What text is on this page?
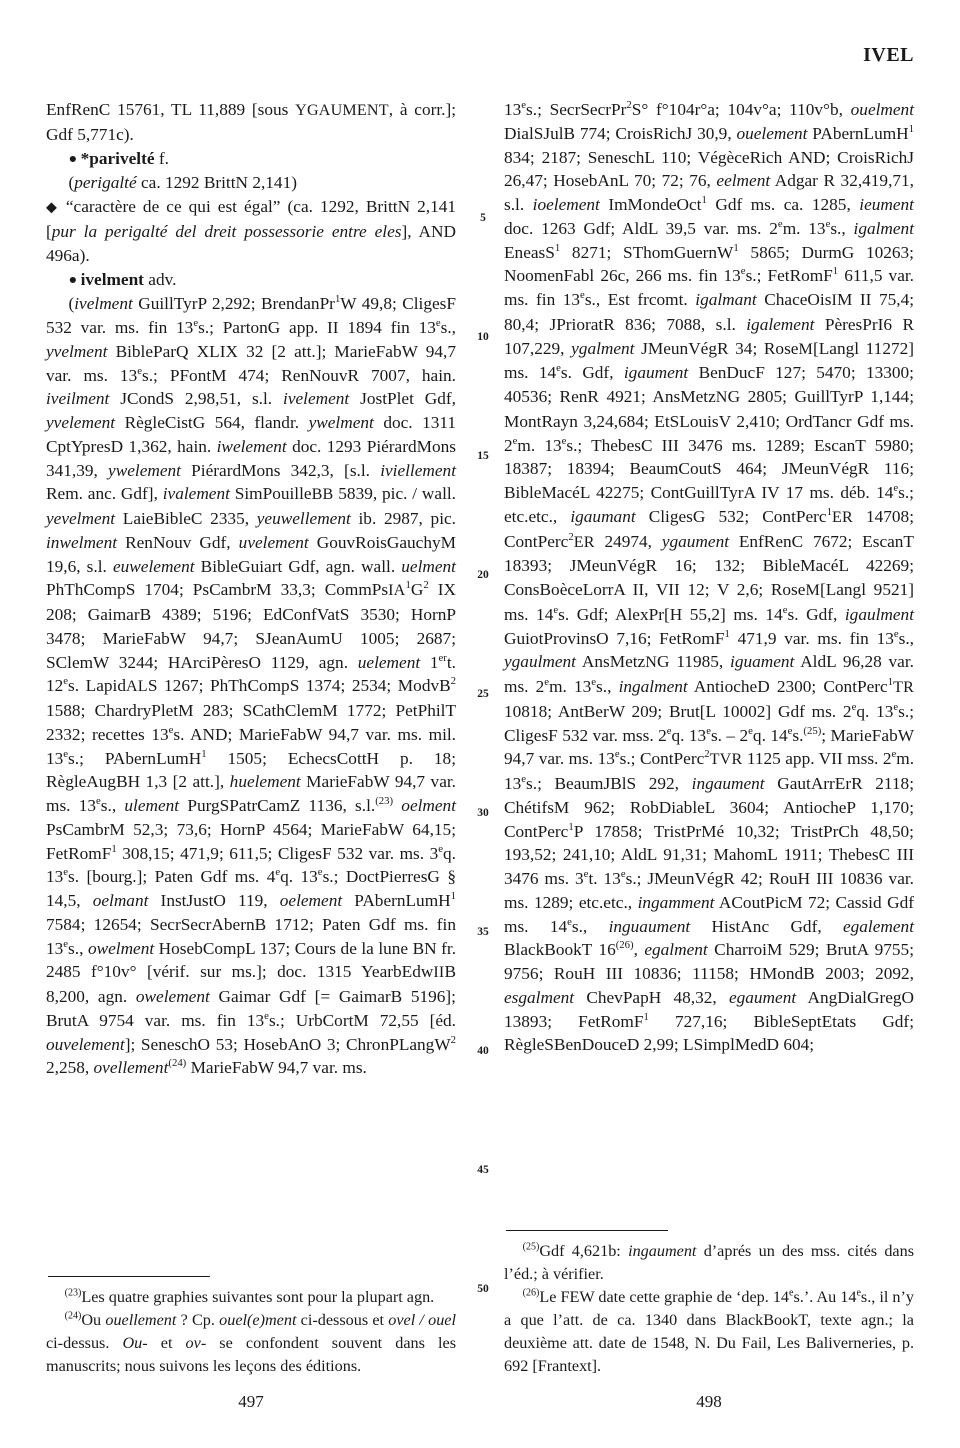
IVEL
5
10
15
20
25
30
35
40
45
50

EnfRenC 15761, TL 11,889 [sous YGAUMENT, à corr.]; Gdf 5,771c).

● *parivelté f.

(perigalté ca. 1292 BrittN 2,141)

◆ “caractère de ce qui est égal” (ca. 1292, BrittN 2,141 [pur la perigalté del dreit possessorie entre eles], AND 496a).

● ivelment adv.

(ivelment GuillTyrP 2,292; BrendanPr$^1$W 49,8; CligesF 532 var. ms. fin 13es.; PartonG app. II 1894 fin 13es., yvelment BibleParQ XLIX 32 [2 att.]; MarieFabW 94,7 var. ms. 13es.; PFontM 474; RenNouvR 7007, hain. iveilment JCondS 2,98,51, s.l. ivelement JostPlet Gdf, yvelement RègleCistG 564, flandr. ywelment doc. 1311 CptYpresD 1,362, hain. iwelement doc. 1293 PiérardMons 341,39, ywelement PiérardMons 342,3, [s.l. iviellement Rem. anc. Gdf], ivalement SimPouilleBB 5839, pic. / wall. yevelment LaieBibleC 2335, yeuwellement ib. 2987, pic. inwelment RenNouv Gdf, uvelement GouvRoisGauchyM 19,6, s.l. euwelement BibleGuiart Gdf, agn. wall. uelment PhThCompS 1704; PsCambrM 33,3; $CommPsIA^1G^2$ IX 208; GaimarB 4389; 5196; EdConfVatS 3530; HornP 3478; MarieFabW 94,7; SJeanAumU 1005; 2687; SClemW 3244; HArciPèresO 1129, agn. uelement 1ert. 12es. LapidALS 1267; PhThCompS 1374; 2534; ModvB$^2$ 1588; ChardryPletM 283; SCathClemM 1772; PetPhilT 2332; recettes 13es. AND; MarieFabW 94,7 var. ms. mil. 13es.; PAbernLumH$^1$ 1505; EchecsCottH p. 18; RègleAugBH 1,3 [2 att.], huelement MarieFabW 94,7 var. ms. 13es., ulement PurgSPatrCamZ 1136, s.l.$^{(23)}$ oelment PsCambrM 52,3; 73,6; HornP 4564; MarieFabW 64,15; FetRomF$^1$ 308,15; 471,9; 611,5; CligesF 532 var. ms. 3eq. 13es. [bourg.]; Paten Gdf ms. 4eq. 13es.; DoctPierresG § 14,5, oelmant InstJustO 119, oelement PAbernLumH$^1$ 7584; 12654; SecrSecrAbernB 1712; Paten Gdf ms. fin 13es., owelment HosebCompL 137; Cours de la lune BN fr. 2485 f°10v° [vérif. sur ms.]; doc. 1315 YearbEdwIIB 8,200, agn. owelement Gaimar Gdf [= GaimarB 5196]; BrutA 9754 var. ms. fin 13es.; UrbCortM 72,55 [éd. ouvelement]; SeneschO 53; HosebAnO 3; ChronPLangW$^2$ 2,258, ovellement$^{(24)}$ MarieFabW 94,7 var. ms.

13es.; SecrSecrPr$^2$S° f°104r°a; 104v°a; 110v°b, ouelment DialSJulB 774; CroisRichJ 30,9, ouelement PAbernLumH$^1$ 834; 2187; SeneschL 110; VégèceRich AND; CroisRichJ 26,47; HosebAnL 70; 72; 76, eelment Adgar R 32,419,71, s.l. ioelement ImMondeOct$^1$ Gdf ms. ca. 1285, ieument doc. 1263 Gdf; AldL 39,5 var. ms. 2em. 13es., igalment EneasS$^1$ 8271; SThomGuernW$^1$ 5865; DurmG 10263; NoomenFabl 26c, 266 ms. fin 13es.; FetRomF$^1$ 611,5 var. ms. fin 13es., Est frcomt. igalmant ChaceOisIM II 75,4; 80,4; JPrioratR 836; 7088, s.l. igalement PèresPrI6 R 107,229, ygalment JMeunVégR 34; RoseM[Langl 11272] ms. 14es. Gdf, igaument BenDucF 127; 5470; 13300; 40536; RenR 4921; AnsMetzNG 2805; GuillTyrP 1,144; MontRayn 3,24,684; EtSLouisV 2,410; OrdTancr Gdf ms. 2em. 13es.; ThebesC III 3476 ms. 1289; EscanT 5980; 18387; 18394; BeaumCoutS 464; JMeunVégR 116; BibleMacéL 42275; ContGuillTyrA IV 17 ms. déb. 14es.; etc.etc., igaumant CligesG 532; ContPerc$^1$ER 14708; ContPerc$^2$ER 24974, ygaument EnfRenC 7672; EscanT 18393; JMeunVégR 16; 132; BibleMacéL 42269; ConsBoèceLorrA II, VII 12; V 2,6; RoseM[Langl 9521] ms. 14es. Gdf; AlexPr[H 55,2] ms. 14es. Gdf, igaulment GuiotProvinsO 7,16; FetRomF$^1$ 471,9 var. ms. fin 13es., ygaulment AnsMetzNG 11985, iguament AldL 96,28 var. ms. 2em. 13es., ingalment AntiocheD 2300; ContPerc$^1$TR 10818; AntBerW 209; Brut[L 10002] Gdf ms. 2eq. 13es.; CligesF 532 var. mss. 2eq. 13es. – 2eq. 14es.$^{(25)}$; MarieFabW 94,7 var. ms. 13es.; ContPerc$^2$TVR 1125 app. VII mss. 2em. 13es.; BeaumJBlS 292, ingaument GautArrErR 2118; ChétifsM 962; RobDiableL 3604; AntiocheP 1,170; ContPerc$^1$P 17858; TristPrMé 10,32; TristPrCh 48,50; 193,52; 241,10; AldL 91,31; MahomL 1911; ThebesC III 3476 ms. 3et. 13es.; JMeunVégR 42; RouH III 10836 var. ms. 1289; etc.etc., ingamment ACoutPicM 72; Cassid Gdf ms. 14es., inguaument HistAnc Gdf, egalement BlackBookT 16$^{(26)}$, egalment CharroiM 529; BrutA 9755; 9756; RouH III 10836; 11158; HMondB 2003; 2092, esgalment ChevPapH 48,32, egaument AngDialGregO 13893; FetRomF$^1$ 727,16; BibleSeptEtats Gdf; RègleSBenDouceD 2,99; LSimplMedD 604;

$^{(23)}$Les quatre graphies suivantes sont pour la plupart agn.

$^{(24)}$Ou ouellement ? Cp. ouel(e)ment ci-dessous et ovel / ouel ci-dessus. Ou- et ov- se confondent souvent dans les manuscrits; nous suivons les leçons des éditions.

$^{(25)}$Gdf 4,621b: ingaument d’aprés un des mss. cités dans l’éd.; à vérifier.

$^{(26)}$Le FEW date cette graphie de ‘dep. 14es.’. Au 14es., il n’y a que l’att. de ca. 1340 dans BlackBookT, texte agn.; la deuxième att. date de 1548, N. Du Fail, Les Baliverneries, p. 692 [Frantext].

497	498
